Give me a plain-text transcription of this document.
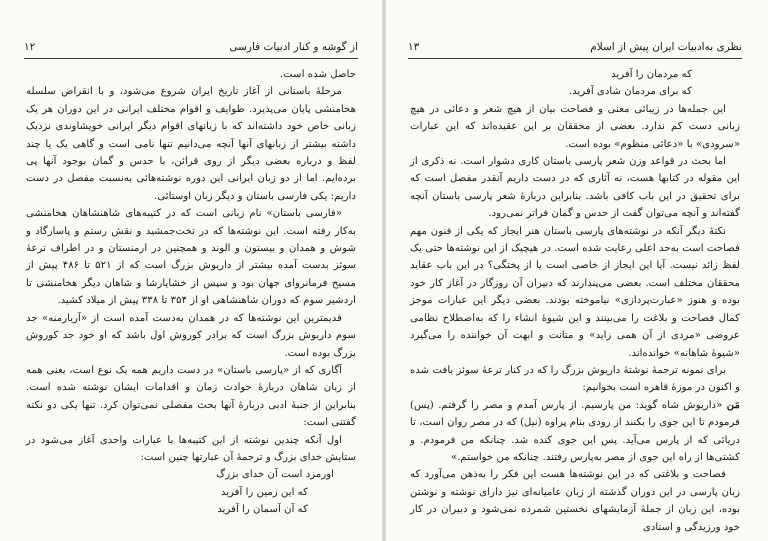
از گوشه و کنار ادبیات فارسی
۱۲

حاصل شده است.

مرحلهٔ باستانی از آغاز تاریخ ایران شروع می‌شود، و با انقراض سلسله هخامنشی پایان می‌پذیرد. طوایف و اقوام مختلف ایرانی در این دوران هر یک زبانی خاص خود داشته‌اند که با زبانهای اقوام دیگر ایرانی خویشاوندی نزدیک داشته بیشتر از زبانهای آنها آنچه می‌دانیم تنها نامی است و گاهی یک یا چند لفظ و درباره بعضی دیگر از روی قرائن، با حدس و گمان بوجود آنها پی برده‌ایم. اما از دو زبان ایرانی این دوره نوشته‌هائی به‌نسبت مفصل در دست داریم: یکی فارسی باستان و دیگر زبان اوستائی.

«فارسی باستان» نام زبانی است که در کتیبه‌های شاهنشاهان هخامنشی به‌کار رفته است. این نوشته‌ها که در تخت‌جمشید و نقش رستم و پاسارگاد و شوش و همدان و بیستون و الوند و همچنین در ارمنستان و در اطراف ترعهٔ سوئز بدست آمده بیشتر از داریوش بزرگ است که از ۵۲۱ تا ۴۸۶ پیش از مسیح فرمانروای جهان بود و سپس از خشایارشا و شاهان دیگر هخامنشی تا اردشیر سوم که دوران شاهنشاهی او از ۳۵۴ تا ۳۳۸ پیش از میلاد کشید.

قدیمترین این نوشته‌ها که در همدان به‌دست آمده است از «آریارمنه» جد سوم داریوش بزرگ است که برادر کوروش اول باشد که او خود جد کوروش بزرگ بوده است.

آگاری که از «پارسی باستان» در دست داریم همه یک نوع است، یعنی همه از زبان شاهان دربارهٔ حوادث زمان و اقدامات ایشان نوشته شده است. بنابراین از جنبهٔ ادبی دربارهٔ آنها بحث مفصلی نمی‌توان کرد. تنها یکی دو نکته گفتنی است:

اول آنکه چندین نوشته از این کتیبه‌ها با عبارات واحدی آغاز می‌شود در ستایش خدای بزرگ و ترجمهٔ آن عبارتها چنین است:

اورمزد است آن خدای بزرگ

که این زمین را آفرید

که آن آسمان را آفرید

نظری به‌ادبیات ایران پیش از اسلام
۱۳

که مردمان را آفرید

که برای مردمان شادی آفرید.

این جمله‌ها در زیبائی معنی و فصاحت بیان از هیچ شعر و دعائی در هیچ زبانی دست کم ندارد. بعضی از محققان بر این عقیده‌اند که این عبارات «سرودی» با «دعائی منظوم» بوده است.

اما بحث در قواعد وزن شعر پارسی باستان کاری دشوار است. نه ذکری از این مقوله در کتابها هست، نه آثاری که در دست داریم آنقدر مفصل است که برای تحقیق در این باب کافی باشد. بنابراین دربارهٔ شعر پارسی باستان آنچه گفته‌اند و آنچه می‌توان گفت از حدس و گمان فراتر نمی‌رود.

نکتهٔ دیگر آنکه در نوشته‌های پارسی باستان هنر ایجاز که یکی از فنون مهم فصاحت است به‌حد اعلی رعایت شده است. در هیچیک از این نوشته‌ها حتی یک لفظ زائد نیست. آیا این ایجاز از خاصی است یا از پختگی؟ در این باب عقاید محققان مختلف است. بعضی می‌پندارند که دبیران آن روزگار در آغاز کار خود بوده و هنوز «عبارت‌پردازی» نیاموخته بودند. بعضی دیگر این عبارات موجز کمال فصاحت و بلاغت را می‌بینند و این شیوهٔ انشاء را که به‌اصطلاح نظامی عروضی «مردی از آن همی زاید» و متانت و ابهت آن خواننده را می‌گیرد «شیوهٔ شاهانه» خوانده‌اند.

برای نمونه ترجمهٔ نوشتهٔ داریوش بزرگ را که در کنار ترعهٔ سوئز یافت شده و اکنون در موزهٔ قاهره است بخوانیم:

مَن «داریوش شاه گوید: من پارسیم. از پارس آمدم و مصر را گرفتم. (پس) فرمودم تا این جوی را بکنند از رودی بنام پراوه (نیل) که در مصر روان است، تا دریائی که از پارس می‌آید. پس این جوی کنده شد. چنانکه من فرمودم. و کشتی‌ها از راه این جوی از مصر به‌پارس رفتند. چنانکه من خواستم.»

فصاحت و بلاغتی که در این نوشته‌ها هست این فکر را به‌ذهن می‌آورد که زبان پارسی در این دوران گذشته از زبان عامیانه‌ای نیز دارای نوشته و نوشتن بوده، این زبان از جملهٔ آزمایشهای نخستین شمرده نمی‌شود و دبیران در کار خود ورزیدگی و استادی
